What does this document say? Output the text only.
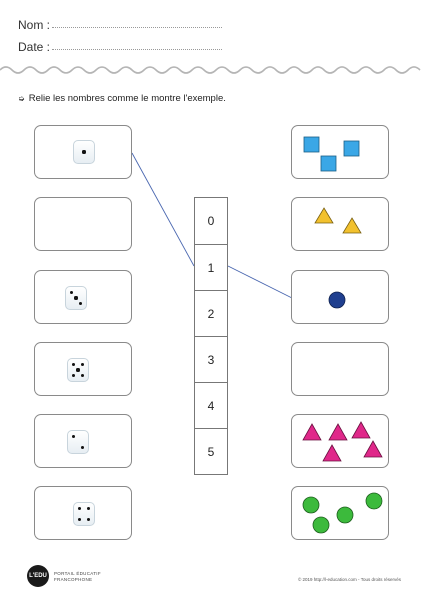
Nom :
Date :
➭ Relie les nombres comme le montre l'exemple.
0
1
2
3
4
5
L'EDU PORTAIL ÉDUCATIF
FRANCOPHONE	© 2019 http://l-education.com - Tous droits réservés
